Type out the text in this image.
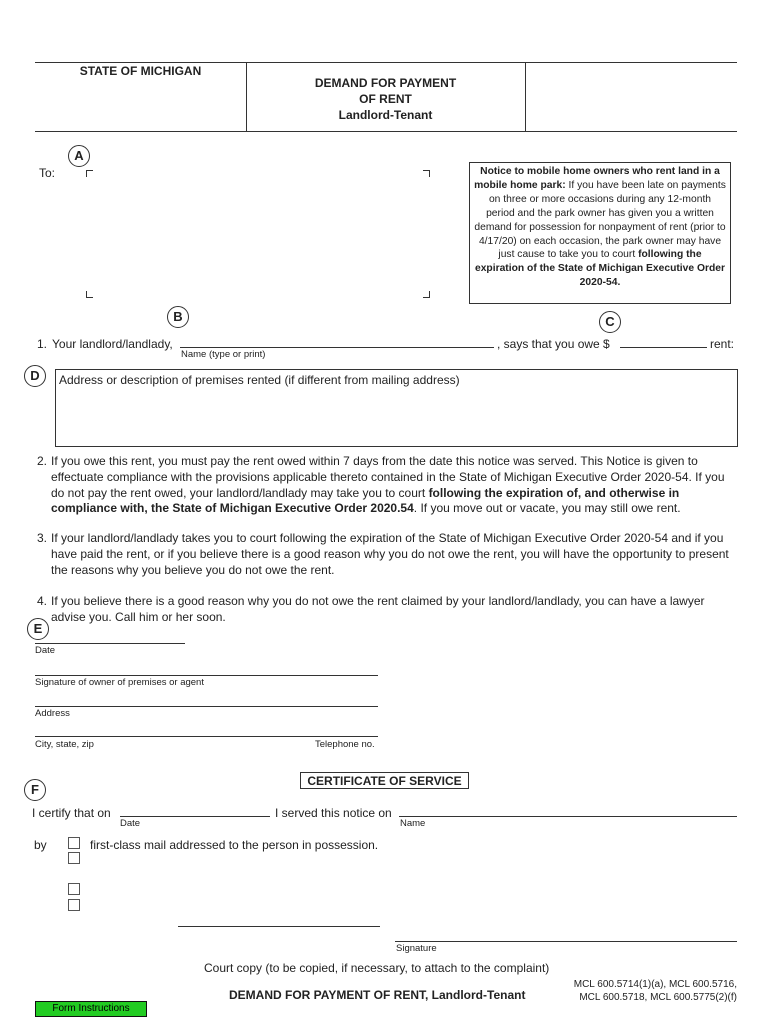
STATE OF MICHIGAN
DEMAND FOR PAYMENT
OF RENT
Landlord-Tenant
A
To:	Notice to mobile home owners who rent land in a mobile home park: If you have been late on payments on three or more occasions during any 12-month period and the park owner has given you a written demand for possession for nonpayment of rent (prior to 4/17/20) on each occasion, the park owner may have just cause to take you to court following the expiration of the State of Michigan Executive Order 2020-54.
B	C
1. Your landlord/landlady,
Name (type or print)
, says that you owe $	rent:
D	Address or description of premises rented (if different from mailing address)
2. If you owe this rent, you must pay the rent owed within 7 days from the date this notice was served. This Notice is given to effectuate compliance with the provisions applicable thereto contained in the State of Michigan Executive Order 2020-54. If you do not pay the rent owed, your landlord/landlady may take you to court following the expiration of, and otherwise in compliance with, the State of Michigan Executive Order 2020.54. If you move out or vacate, you may still owe rent.
3. If your landlord/landlady takes you to court following the expiration of the State of Michigan Executive Order 2020-54 and if you have paid the rent, or if you believe there is a good reason why you do not owe the rent, you will have the opportunity to present the reasons why you believe you do not owe the rent.
4. If you believe there is a good reason why you do not owe the rent claimed by your landlord/landlady, you can have a lawyer advise you. Call him or her soon.
E
Date
Signature of owner of premises or agent
Address
City, state, zip	Telephone no.
CERTIFICATE OF SERVICE
F
I certify that on
Date
I served this notice on
Name
by	first-class mail addressed to the person in possession.
Signature
Court copy (to be copied, if necessary, to attach to the complaint)
DEMAND FOR PAYMENT OF RENT, Landlord-Tenant
MCL 600.5714(1)(a), MCL 600.5716,
MCL 600.5718, MCL 600.5775(2)(f)
Form Instructions
